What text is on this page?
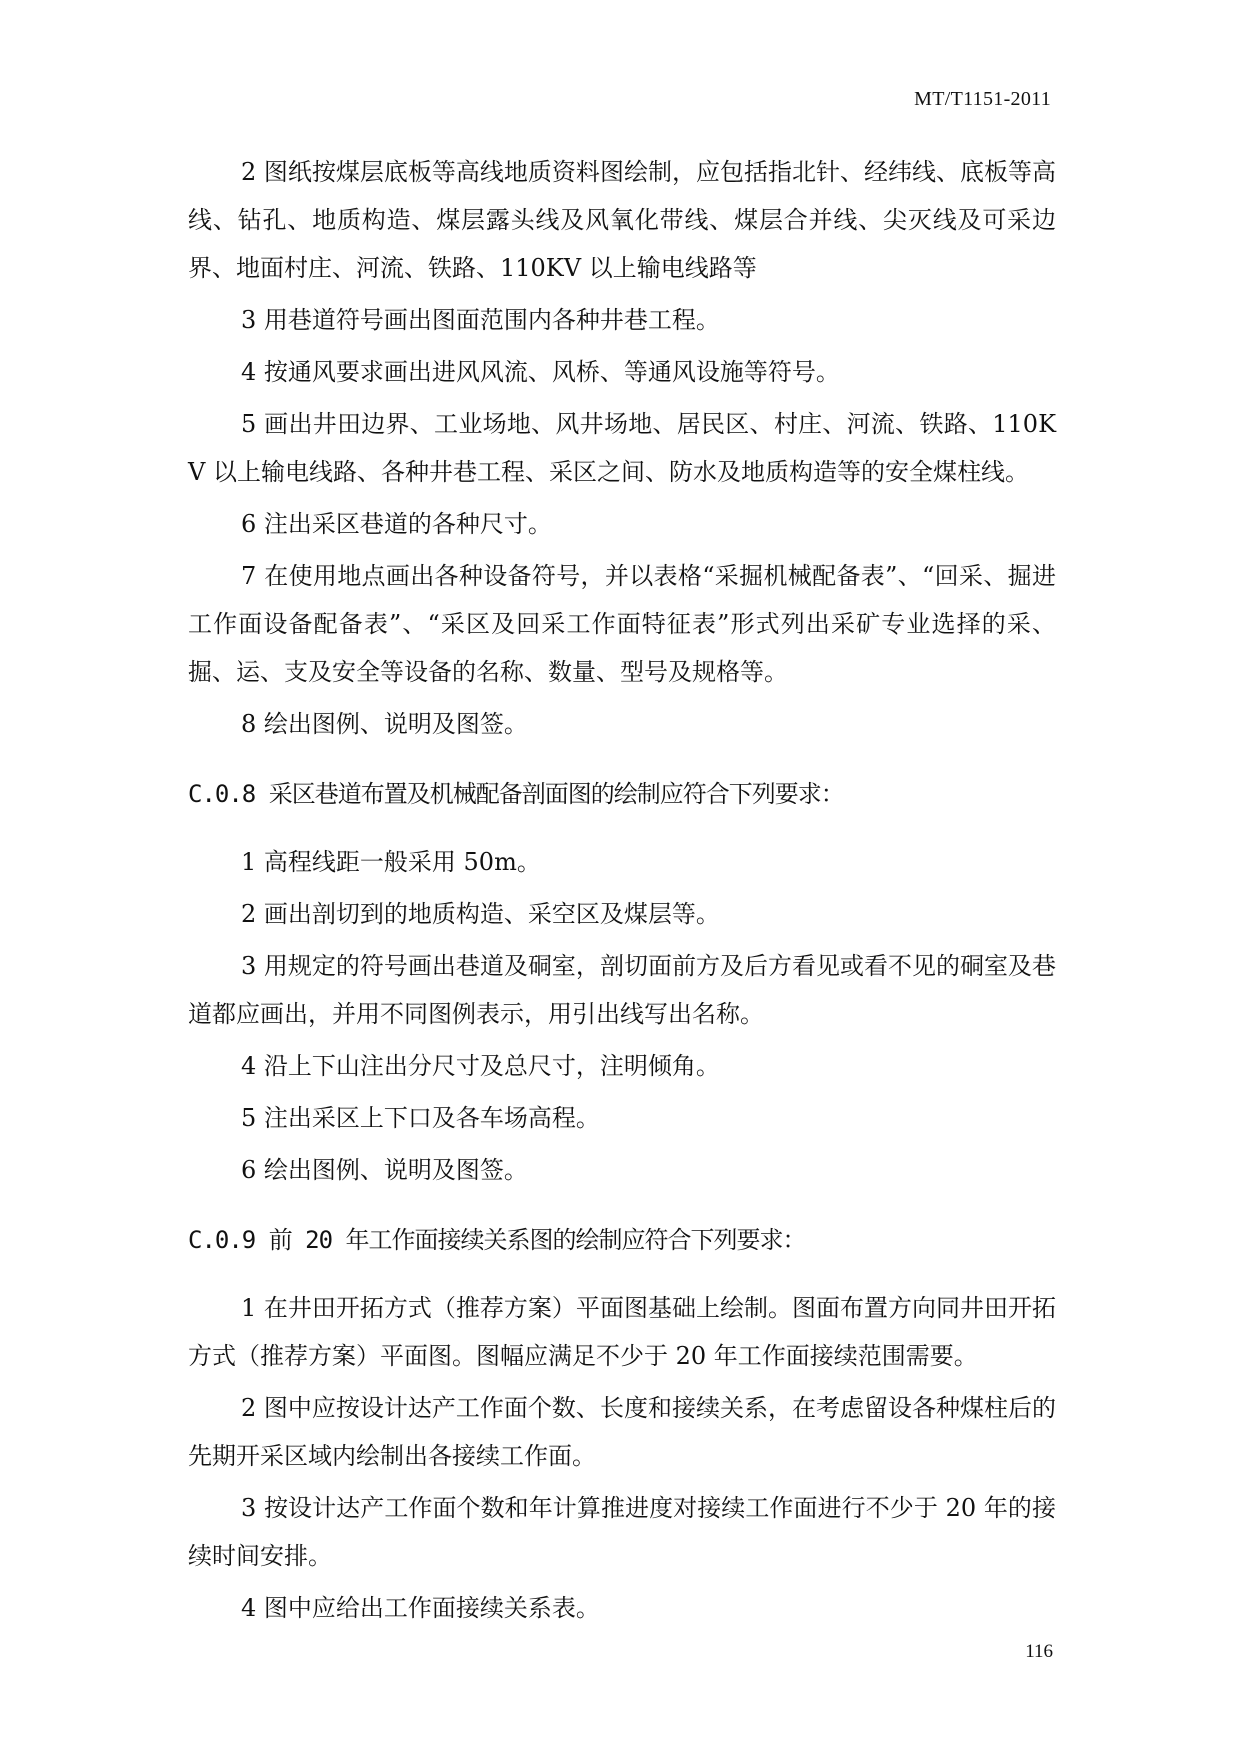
MT/T1151-2011

2 图纸按煤层底板等高线地质资料图绘制，应包括指北针、经纬线、底板等高线、钻孔、地质构造、煤层露头线及风氧化带线、煤层合并线、尖灭线及可采边界、地面村庄、河流、铁路、110KV 以上输电线路等

3 用巷道符号画出图面范围内各种井巷工程。

4 按通风要求画出进风风流、风桥、等通风设施等符号。

5 画出井田边界、工业场地、风井场地、居民区、村庄、河流、铁路、110KV 以上输电线路、各种井巷工程、采区之间、防水及地质构造等的安全煤柱线。

6 注出采区巷道的各种尺寸。

7 在使用地点画出各种设备符号，并以表格“采掘机械配备表”、“回采、掘进工作面设备配备表”、“采区及回采工作面特征表”形式列出采矿专业选择的采、掘、运、支及安全等设备的名称、数量、型号及规格等。

8 绘出图例、说明及图签。

C.0.8 采区巷道布置及机械配备剖面图的绘制应符合下列要求：

1 高程线距一般采用 50m。

2 画出剖切到的地质构造、采空区及煤层等。

3 用规定的符号画出巷道及硐室，剖切面前方及后方看见或看不见的硐室及巷道都应画出，并用不同图例表示，用引出线写出名称。

4 沿上下山注出分尺寸及总尺寸，注明倾角。

5 注出采区上下口及各车场高程。

6 绘出图例、说明及图签。

C.0.9 前 20 年工作面接续关系图的绘制应符合下列要求：

1 在井田开拓方式（推荐方案）平面图基础上绘制。图面布置方向同井田开拓方式（推荐方案）平面图。图幅应满足不少于 20 年工作面接续范围需要。

2 图中应按设计达产工作面个数、长度和接续关系，在考虑留设各种煤柱后的先期开采区域内绘制出各接续工作面。

3 按设计达产工作面个数和年计算推进度对接续工作面进行不少于 20 年的接续时间安排。

4 图中应给出工作面接续关系表。

116
